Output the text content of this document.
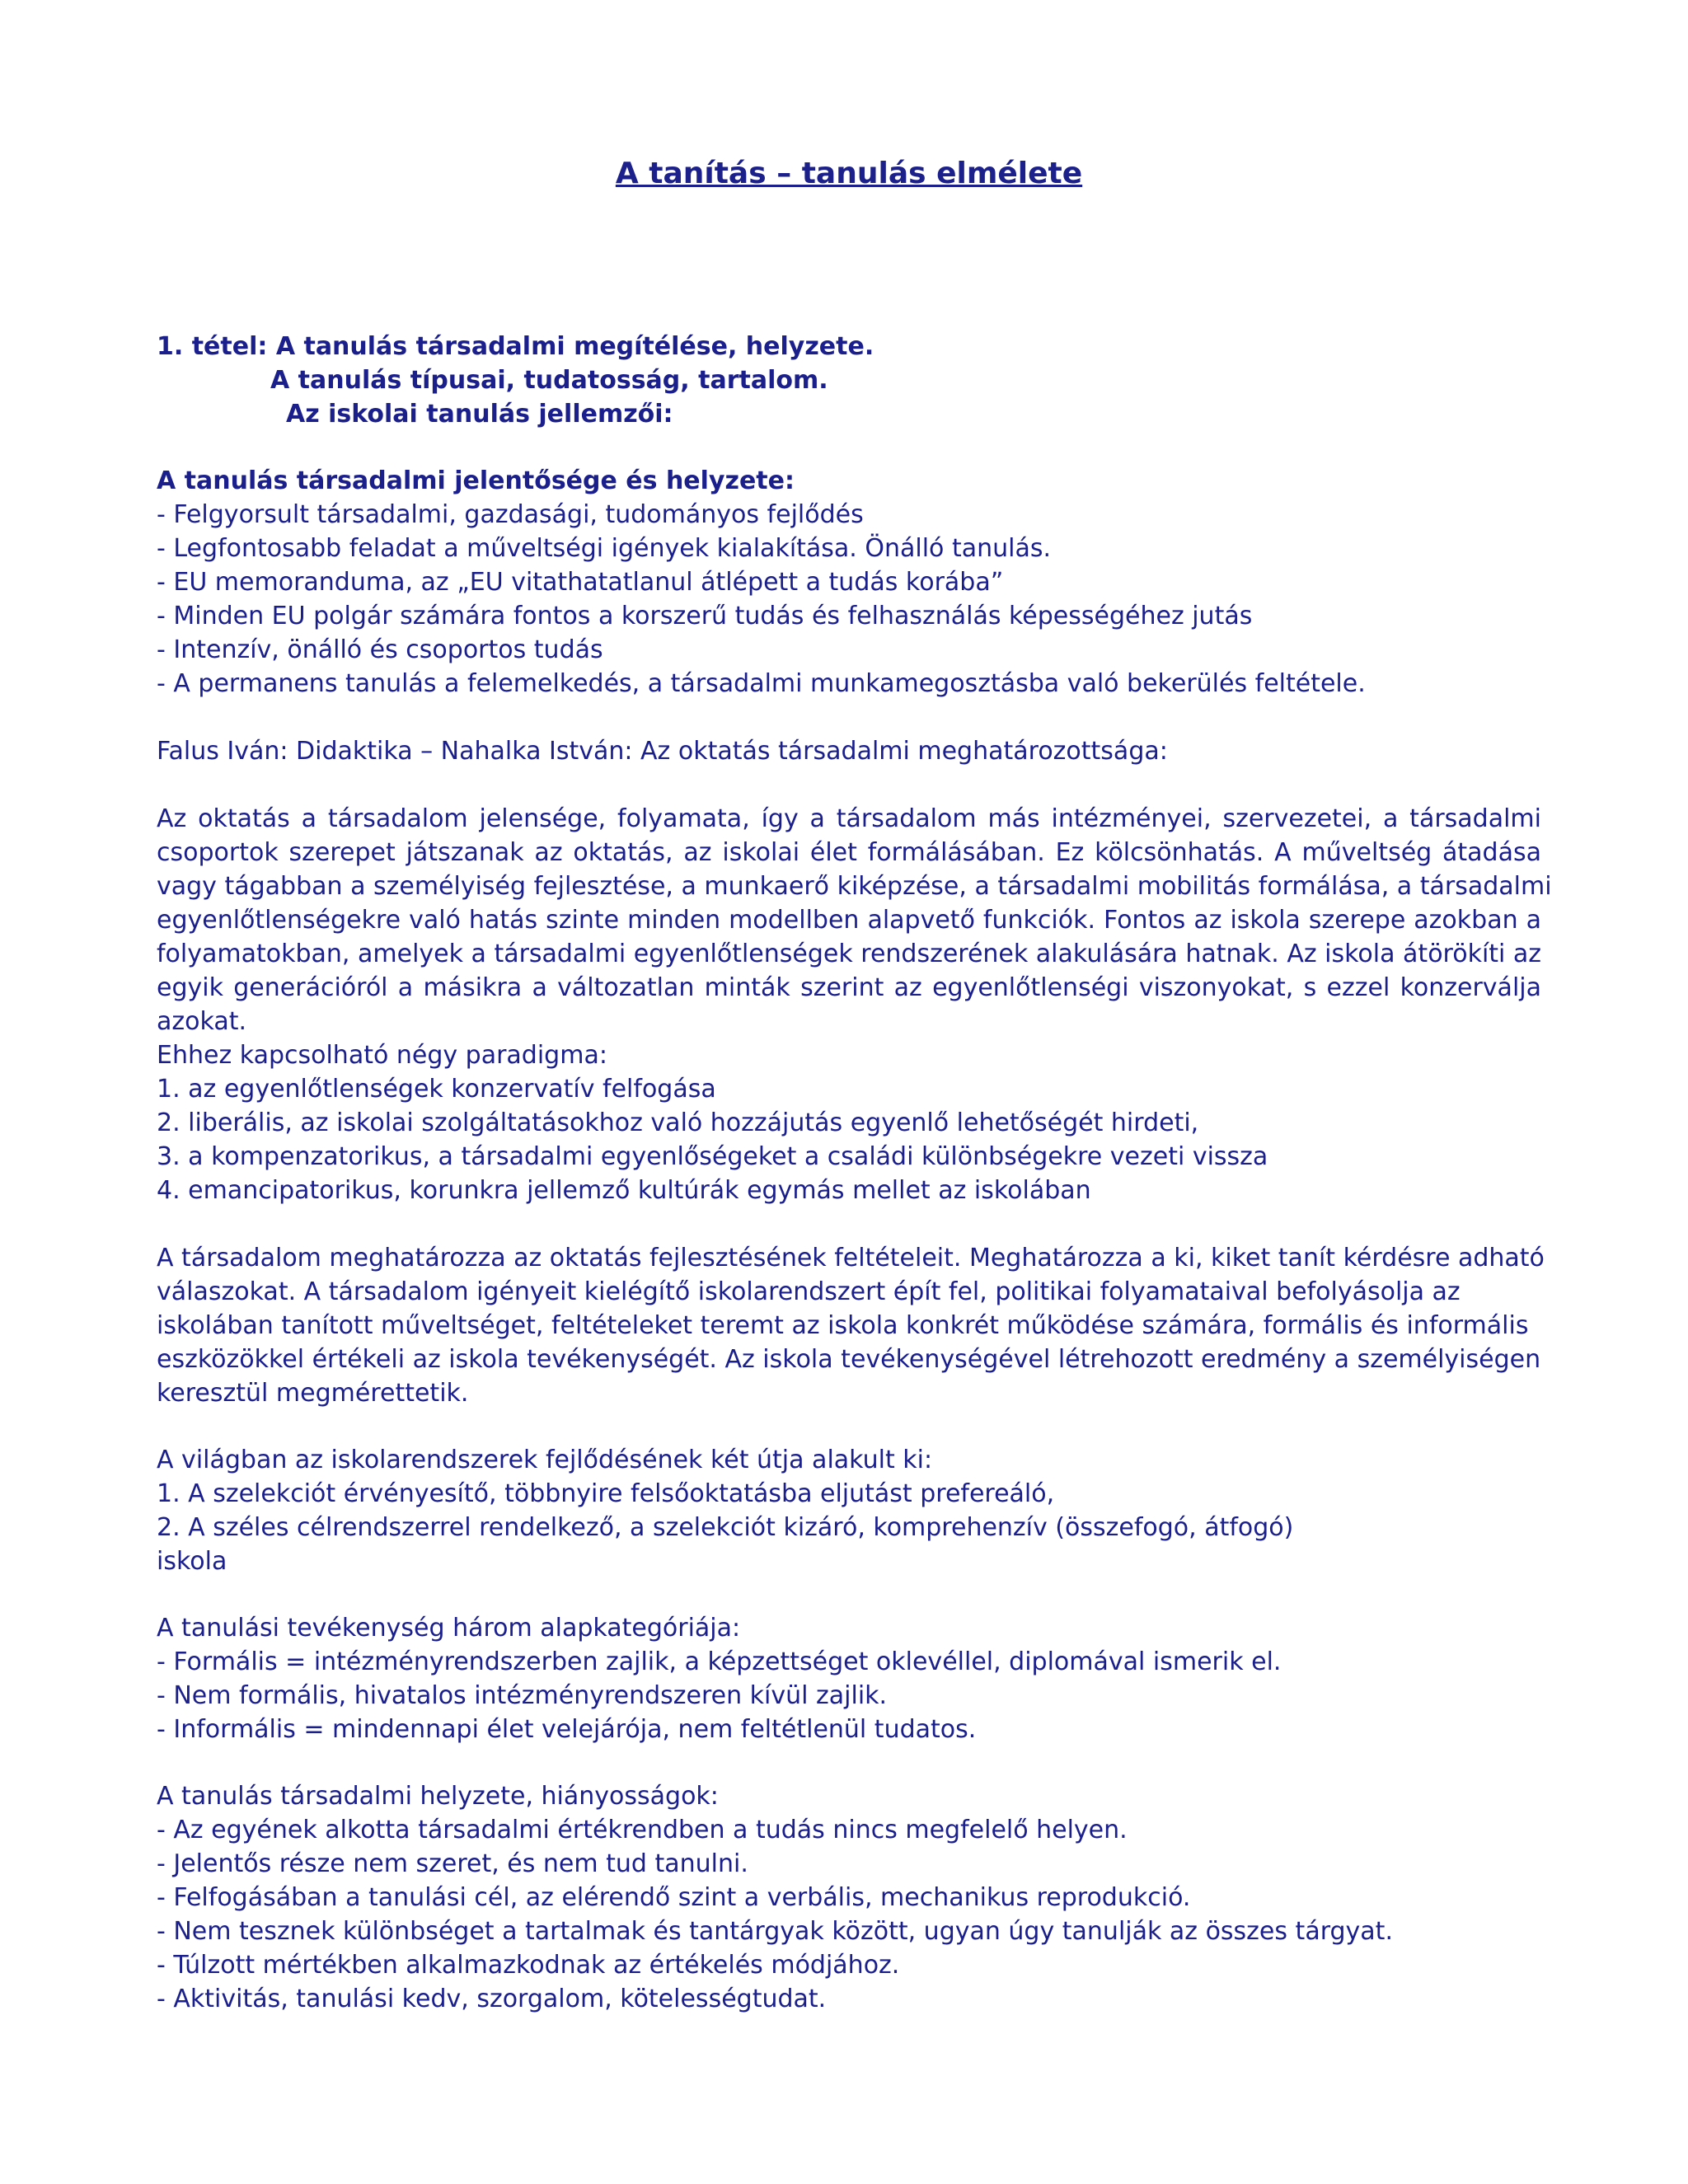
A tanítás – tanulás elmélete
1. tétel: A tanulás társadalmi megítélése, helyzete.
A tanulás típusai, tudatosság, tartalom.
Az iskolai tanulás jellemzői:
A tanulás társadalmi jelentősége és helyzete:
- Felgyorsult társadalmi, gazdasági, tudományos fejlődés
- Legfontosabb feladat a műveltségi igények kialakítása. Önálló tanulás.
- EU memoranduma, az „EU vitathatatlanul átlépett a tudás korába”
- Minden EU polgár számára fontos a korszerű tudás és felhasználás képességéhez jutás
- Intenzív, önálló és csoportos tudás
- A permanens tanulás a felemelkedés, a társadalmi munkamegosztásba való bekerülés feltétele.
Falus Iván: Didaktika – Nahalka István: Az oktatás társadalmi meghatározottsága:
Az oktatás a társadalom jelensége, folyamata, így a társadalom más intézményei, szervezetei, a társadalmi
csoportok szerepet játszanak az oktatás, az iskolai élet formálásában. Ez kölcsönhatás. A műveltség átadása
vagy tágabban a személyiség fejlesztése, a munkaerő kiképzése, a társadalmi mobilitás formálása, a társadalmi
egyenlőtlenségekre való hatás szinte minden modellben alapvető funkciók. Fontos az iskola szerepe azokban a
folyamatokban, amelyek a társadalmi egyenlőtlenségek rendszerének alakulására hatnak. Az iskola átörökíti az
egyik generációról a másikra a változatlan minták szerint az egyenlőtlenségi viszonyokat, s ezzel konzerválja
azokat.
Ehhez kapcsolható négy paradigma:
1. az egyenlőtlenségek konzervatív felfogása
2. liberális, az iskolai szolgáltatásokhoz való hozzájutás egyenlő lehetőségét hirdeti,
3. a kompenzatorikus, a társadalmi egyenlőségeket a családi különbségekre vezeti vissza
4. emancipatorikus, korunkra jellemző kultúrák egymás mellet az iskolában
A társadalom meghatározza az oktatás fejlesztésének feltételeit. Meghatározza a ki, kiket tanít kérdésre adható
válaszokat. A társadalom igényeit kielégítő iskolarendszert épít fel, politikai folyamataival befolyásolja az
iskolában tanított műveltséget, feltételeket teremt az iskola konkrét működése számára, formális és informális
eszközökkel értékeli az iskola tevékenységét. Az iskola tevékenységével létrehozott eredmény a személyiségen
keresztül megmérettetik.
A világban az iskolarendszerek fejlődésének két útja alakult ki:
1. A szelekciót érvényesítő, többnyire felsőoktatásba eljutást prefereáló,
2. A széles célrendszerrel rendelkező, a szelekciót kizáró, komprehenzív (összefogó, átfogó)
iskola
A tanulási tevékenység három alapkategóriája:
- Formális = intézményrendszerben zajlik, a képzettséget oklevéllel, diplomával ismerik el.
- Nem formális, hivatalos intézményrendszeren kívül zajlik.
- Informális = mindennapi élet velejárója, nem feltétlenül tudatos.
A tanulás társadalmi helyzete, hiányosságok:
- Az egyének alkotta társadalmi értékrendben a tudás nincs megfelelő helyen.
- Jelentős része nem szeret, és nem tud tanulni.
- Felfogásában a tanulási cél, az elérendő szint a verbális, mechanikus reprodukció.
- Nem tesznek különbséget a tartalmak és tantárgyak között, ugyan úgy tanulják az összes tárgyat.
- Túlzott mértékben alkalmazkodnak az értékelés módjához.
- Aktivitás, tanulási kedv, szorgalom, kötelességtudat.
